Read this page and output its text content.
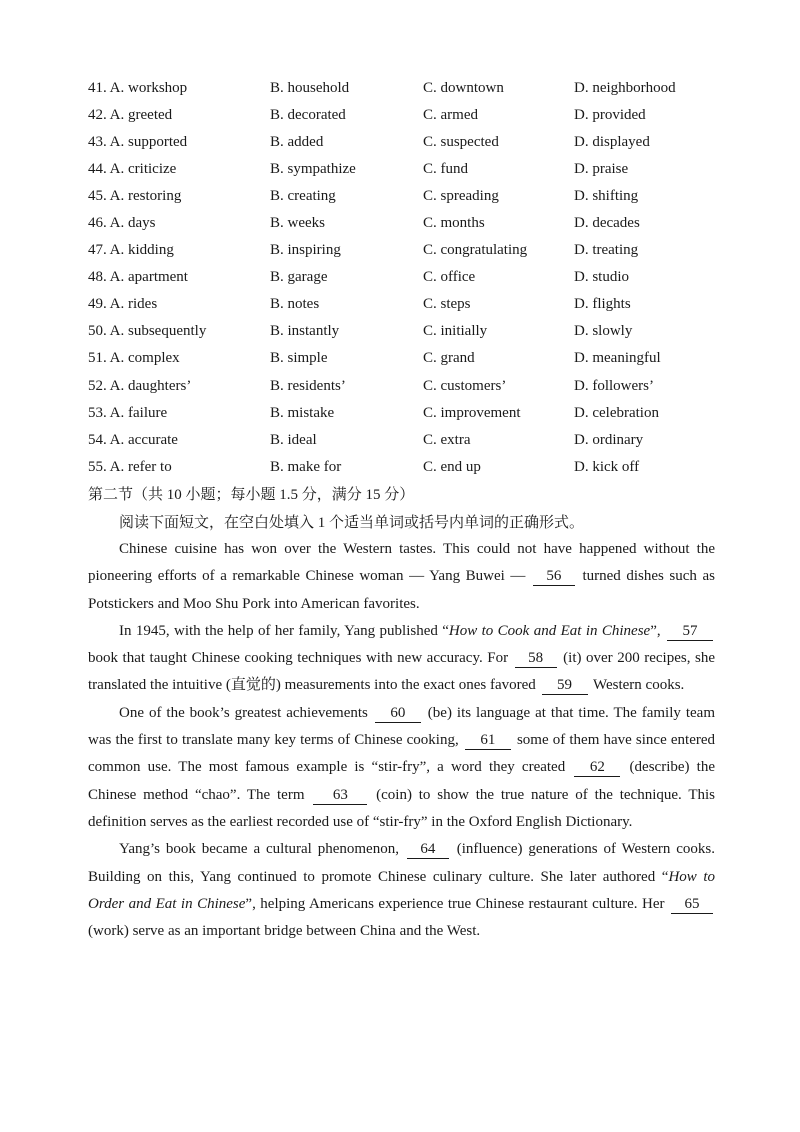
41. A. workshop	B. household	C. downtown	D. neighborhood
42. A. greeted	B. decorated	C. armed	D. provided
43. A. supported	B. added	C. suspected	D. displayed
44. A. criticize	B. sympathize	C. fund	D. praise
45. A. restoring	B. creating	C. spreading	D. shifting
46. A. days	B. weeks	C. months	D. decades
47. A. kidding	B. inspiring	C. congratulating	D. treating
48. A. apartment	B. garage	C. office	D. studio
49. A. rides	B. notes	C. steps	D. flights
50. A. subsequently	B. instantly	C. initially	D. slowly
51. A. complex	B. simple	C. grand	D. meaningful
52. A. daughters’	B. residents’	C. customers’	D. followers’
53. A. failure	B. mistake	C. improvement	D. celebration
54. A. accurate	B. ideal	C. extra	D. ordinary
55. A. refer to	B. make for	C. end up	D. kick off
第二节（共 10 小题；每小题 1.5 分，满分 15 分）
阅读下面短文，在空白处填入 1 个适当单词或括号内单词的正确形式。

Chinese cuisine has won over the Western tastes. This could not have happened without the pioneering efforts of a remarkable Chinese woman — Yang Buwei — 56 turned dishes such as Potstickers and Moo Shu Pork into American favorites.

In 1945, with the help of her family, Yang published “How to Cook and Eat in Chinese”, 57 book that taught Chinese cooking techniques with new accuracy. For 58 (it) over 200 recipes, she translated the intuitive (直觉的) measurements into the exact ones favored 59 Western cooks.

One of the book’s greatest achievements 60 (be) its language at that time. The family team was the first to translate many key terms of Chinese cooking, 61 some of them have since entered common use. The most famous example is “stir-fry”, a word they created 62 (describe) the Chinese method “chao”. The term 63 (coin) to show the true nature of the technique. This definition serves as the earliest recorded use of “stir-fry” in the Oxford English Dictionary.

Yang’s book became a cultural phenomenon, 64 (influence) generations of Western cooks. Building on this, Yang continued to promote Chinese culinary culture. She later authored “How to Order and Eat in Chinese”, helping Americans experience true Chinese restaurant culture. Her 65 (work) serve as an important bridge between China and the West.
